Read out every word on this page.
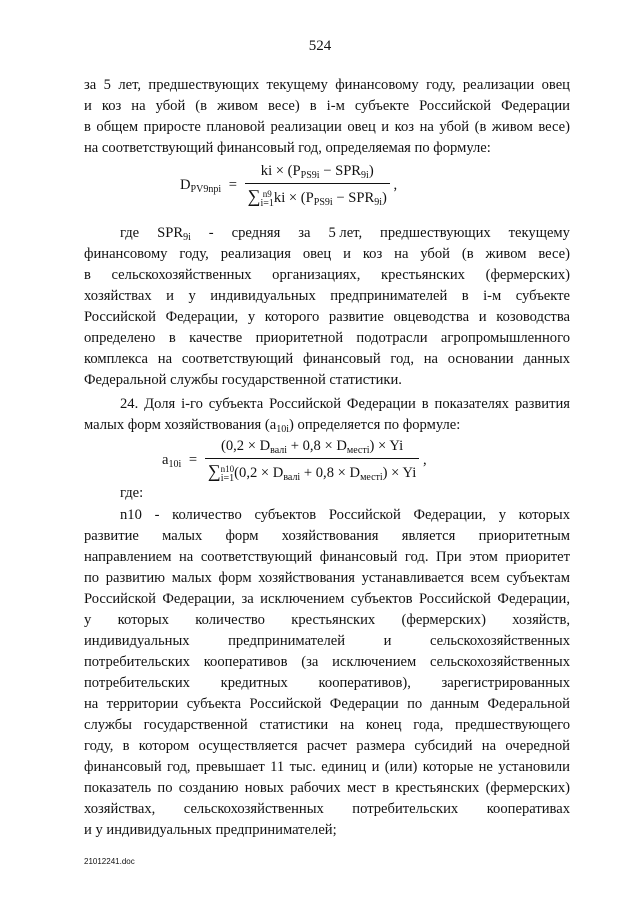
524

за 5 лет, предшествующих текущему финансовому году, реализации овец

и коз на убой (в живом весе) в i-м субъекте Российской Федерации

в общем приросте плановой реализации овец и коз на убой (в живом весе)

на соответствующий финансовый год, определяемая по формуле:

$D_{PV9npi}$ = ki × $(P_{PS9i} - SPR_{9i})$
∑ n9
i=1 ki × $(P_{PS9i} - SPR_{9i})$ ,
где $SPR_{9i}$ - средняя за 5 лет, предшествующих текущему

финансовому году, реализация овец и коз на убой (в живом весе)

в сельскохозяйственных организациях, крестьянских (фермерских)

хозяйствах и у индивидуальных предпринимателей в i-м субъекте

Российской Федерации, у которого развитие овцеводства и козоводства

определено в качестве приоритетной подотрасли агропромышленного

комплекса на соответствующий финансовый год, на основании данных

Федеральной службы государственной статистики.

24. Доля i-го субъекта Российской Федерации в показателях развития

малых форм хозяйствования $(a_{10i})$ определяется по формуле:

$a_{10i} = (0,2 \times D_{валi} + 0,8 \times D_{местi}) \times Yi$
∑ n10
i=1 $(0,2 \times D_{валi} + 0,8 \times D_{местi}) \times Yi$ ,

где:

n10 - количество субъектов Российской Федерации, у которых

развитие малых форм хозяйствования является приоритетным

направлением на соответствующий финансовый год. При этом приоритет

по развитию малых форм хозяйствования устанавливается всем субъектам

Российской Федерации, за исключением субъектов Российской Федерации,

у которых количество крестьянских (фермерских) хозяйств,

индивидуальных предпринимателей и сельскохозяйственных

потребительских кооперативов (за исключением сельскохозяйственных

потребительских кредитных кооперативов), зарегистрированных

на территории субъекта Российской Федерации по данным Федеральной

службы государственной статистики на конец года, предшествующего

году, в котором осуществляется расчет размера субсидий на очередной

финансовый год, превышает 11 тыс. единиц и (или) которые не установили

показатель по созданию новых рабочих мест в крестьянских (фермерских)

хозяйствах, сельскохозяйственных потребительских кооперативах

и у индивидуальных предпринимателей;

21012241.doc
